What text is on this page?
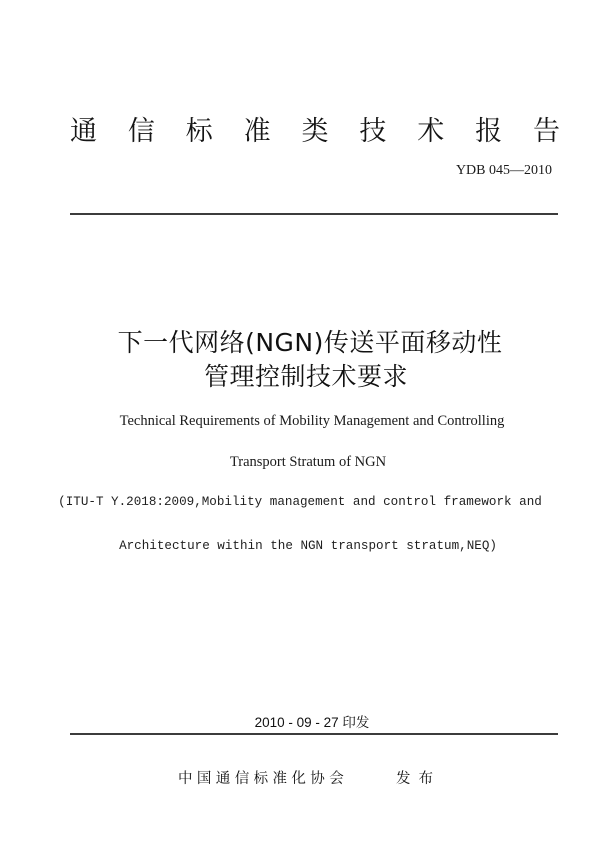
通 信 标 准 类 技 术 报 告
YDB 045—2010
下一代网络(NGN)传送平面移动性
管理控制技术要求
Technical Requirements of Mobility Management and Controlling
Transport Stratum of NGN
(ITU-T Y.2018:2009,Mobility management and control framework and
Architecture within the NGN transport stratum,NEQ)
2010 - 09 - 27 印发
中国通信标准化协会	发布
